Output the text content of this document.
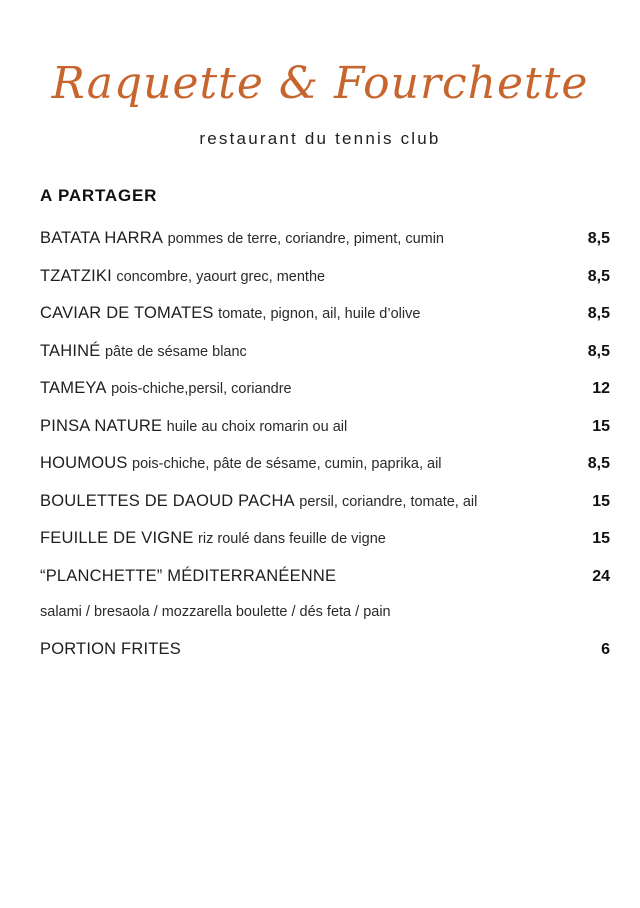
Raquette & Fourchette
restaurant du tennis club
A PARTAGER
BATATA HARRA pommes de terre, coriandre, piment, cumin	8,5
TZATZIKI concombre, yaourt grec, menthe	8,5
CAVIAR DE TOMATES tomate, pignon, ail, huile d’olive	8,5
TAHINÉ pâte de sésame blanc	8,5
TAMEYA pois-chiche,persil, coriandre	12
PINSA NATURE huile au choix romarin ou ail	15
HOUMOUS pois-chiche, pâte de sésame, cumin, paprika, ail	8,5
BOULETTES DE DAOUD PACHA persil, coriandre, tomate, ail	15
FEUILLE DE VIGNE riz roulé dans feuille de vigne	15
“PLANCHETTE” MÉDITERRANÉENNE	24
salami / bresaola / mozzarella boulette / dés feta / pain
PORTION FRITES	6
